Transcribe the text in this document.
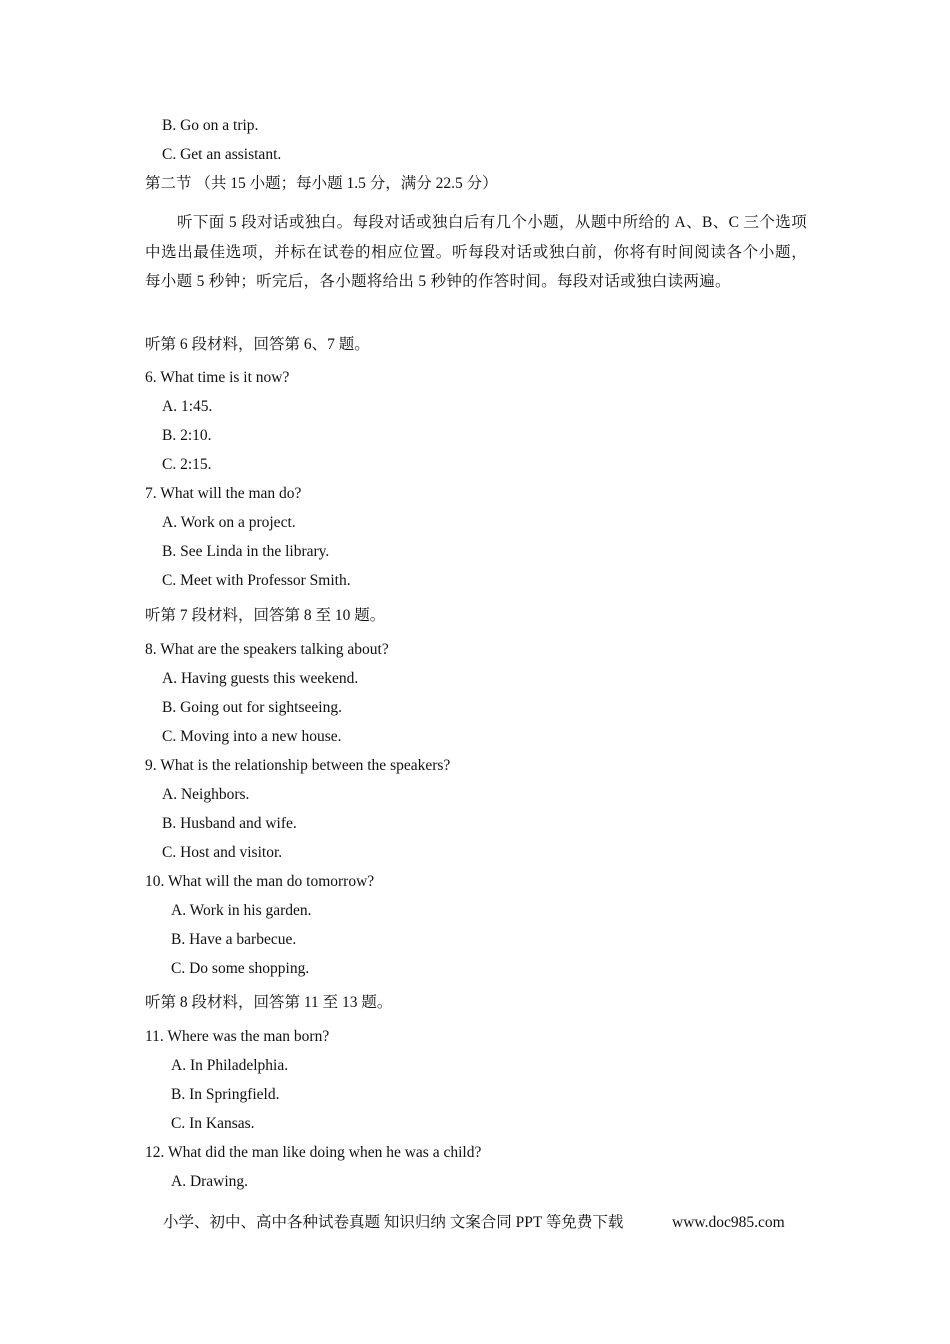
B. Go on a trip.
C. Get an assistant.
第二节 （共 15 小题；每小题 1.5 分，满分 22.5 分）
听下面 5 段对话或独白。每段对话或独白后有几个小题，从题中所给的 A、B、C 三个选项中选出最佳选项，并标在试卷的相应位置。听每段对话或独白前，你将有时间阅读各个小题，每小题 5 秒钟；听完后，各小题将给出 5 秒钟的作答时间。每段对话或独白读两遍。
听第 6 段材料，回答第 6、7 题。
6. What time is it now?
A. 1:45.
B. 2:10.
C. 2:15.
7. What will the man do?
A. Work on a project.
B. See Linda in the library.
C. Meet with Professor Smith.
听第 7 段材料，回答第 8 至 10 题。
8. What are the speakers talking about?
A. Having guests this weekend.
B. Going out for sightseeing.
C. Moving into a new house.
9. What is the relationship between the speakers?
A. Neighbors.
B. Husband and wife.
C. Host and visitor.
10. What will the man do tomorrow?
A. Work in his garden.
B. Have a barbecue.
C. Do some shopping.
听第 8 段材料，回答第 11 至 13 题。
11. Where was the man born?
A. In Philadelphia.
B. In Springfield.
C. In Kansas.
12. What did the man like doing when he was a child?
A. Drawing.
小学、初中、高中各种试卷真题 知识归纳 文案合同 PPT 等免费下载	www.doc985.com
